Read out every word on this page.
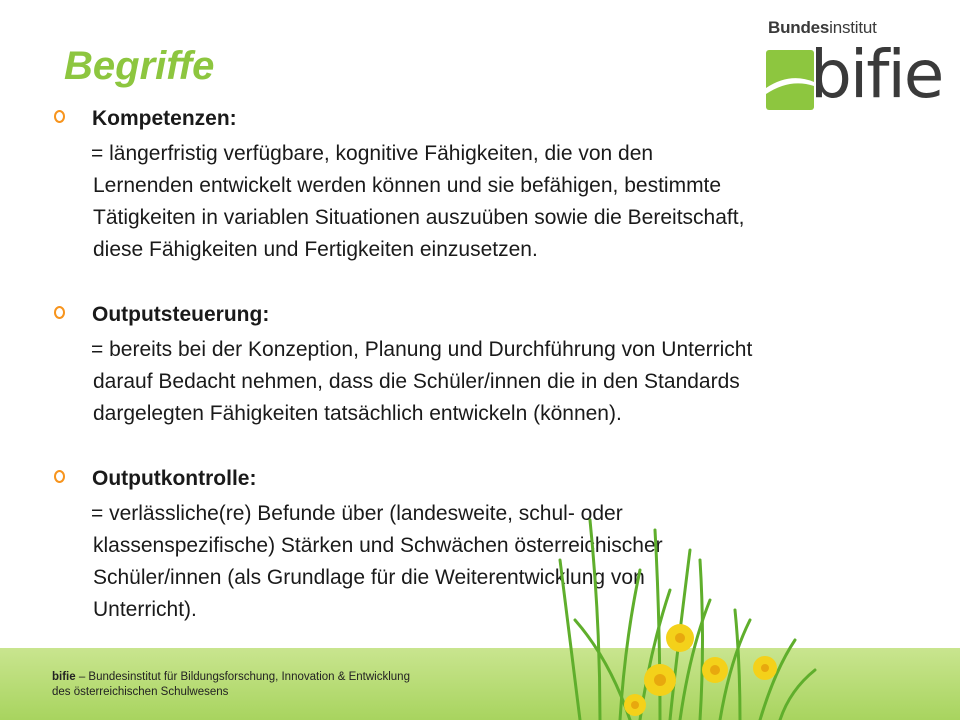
Begriffe
Bundesinstitut
bifie
Kompetenzen:
= längerfristig verfügbare, kognitive Fähigkeiten, die von den
Lernenden entwickelt werden können und sie befähigen, bestimmte
Tätigkeiten in variablen Situationen auszuüben sowie die Bereitschaft,
diese Fähigkeiten und Fertigkeiten einzusetzen.
Outputsteuerung:
= bereits bei der Konzeption, Planung und Durchführung von Unterricht
darauf Bedacht nehmen, dass die Schüler/innen die in den Standards
dargelegten Fähigkeiten tatsächlich entwickeln (können).
Outputkontrolle:
= verlässliche(re) Befunde über (landesweite, schul- oder
klassenspezifische) Stärken und Schwächen österreichischer
Schüler/innen (als Grundlage für die Weiterentwicklung von
Unterricht).
bifie – Bundesinstitut für Bildungsforschung, Innovation & Entwicklung
des österreichischen Schulwesens
